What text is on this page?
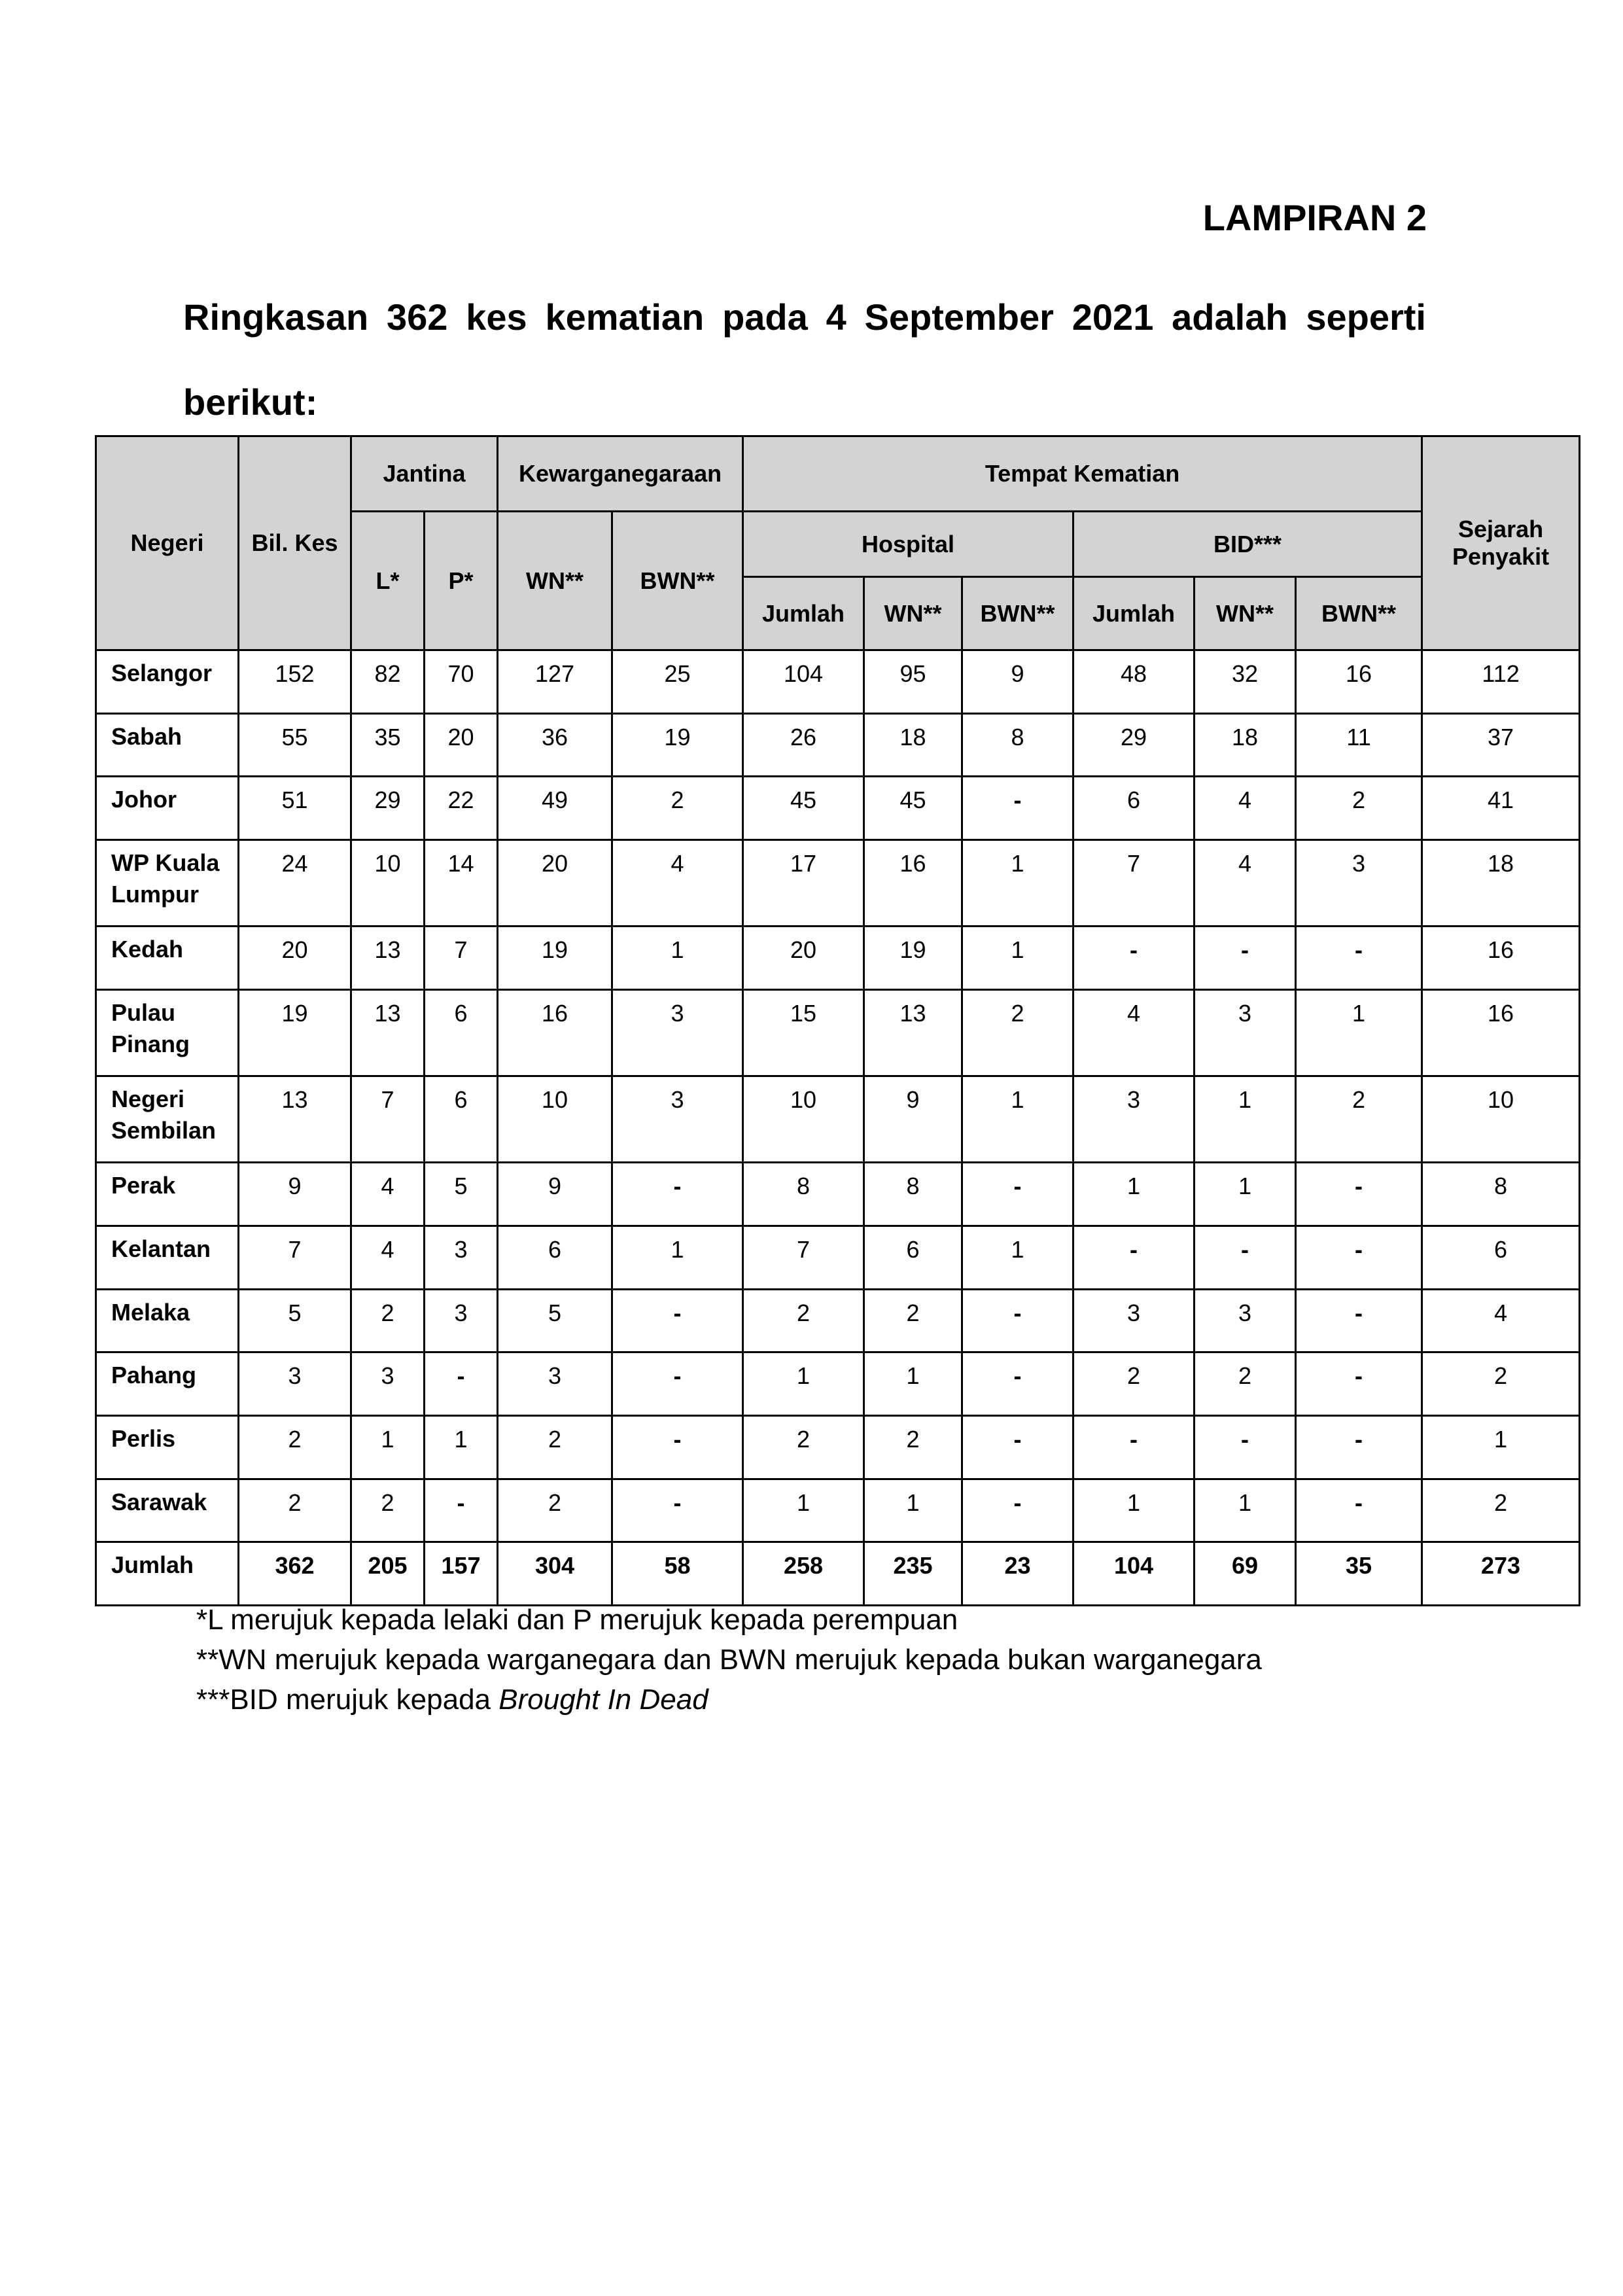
LAMPIRAN 2

Ringkasan 362 kes kematian pada 4 September 2021 adalah seperti berikut:

Negeri	Bil. Kes	Jantina		Kewarganegaraan		Tempat Kematian						Sejarah Penyakit
		L*	P*	WN**	BWN**	Hospital			BID***			
						Jumlah	WN**	BWN**	Jumlah	WN**	BWN**	
Selangor	152	82	70	127	25	104	95	9	48	32	16	112
Sabah	55	35	20	36	19	26	18	8	29	18	11	37
Johor	51	29	22	49	2	45	45	-	6	4	2	41
WP Kuala Lumpur	24	10	14	20	4	17	16	1	7	4	3	18
Kedah	20	13	7	19	1	20	19	1	-	-	-	16
Pulau Pinang	19	13	6	16	3	15	13	2	4	3	1	16
Negeri Sembilan	13	7	6	10	3	10	9	1	3	1	2	10
Perak	9	4	5	9	-	8	8	-	1	1	-	8
Kelantan	7	4	3	6	1	7	6	1	-	-	-	6
Melaka	5	2	3	5	-	2	2	-	3	3	-	4
Pahang	3	3	-	3	-	1	1	-	2	2	-	2
Perlis	2	1	1	2	-	2	2	-	-	-	-	1
Sarawak	2	2	-	2	-	1	1	-	1	1	-	2
Jumlah	362	205	157	304	58	258	235	23	104	69	35	273
*L merujuk kepada lelaki dan P merujuk kepada perempuan
**WN merujuk kepada warganegara dan BWN merujuk kepada bukan warganegara
***BID merujuk kepada Brought In Dead
